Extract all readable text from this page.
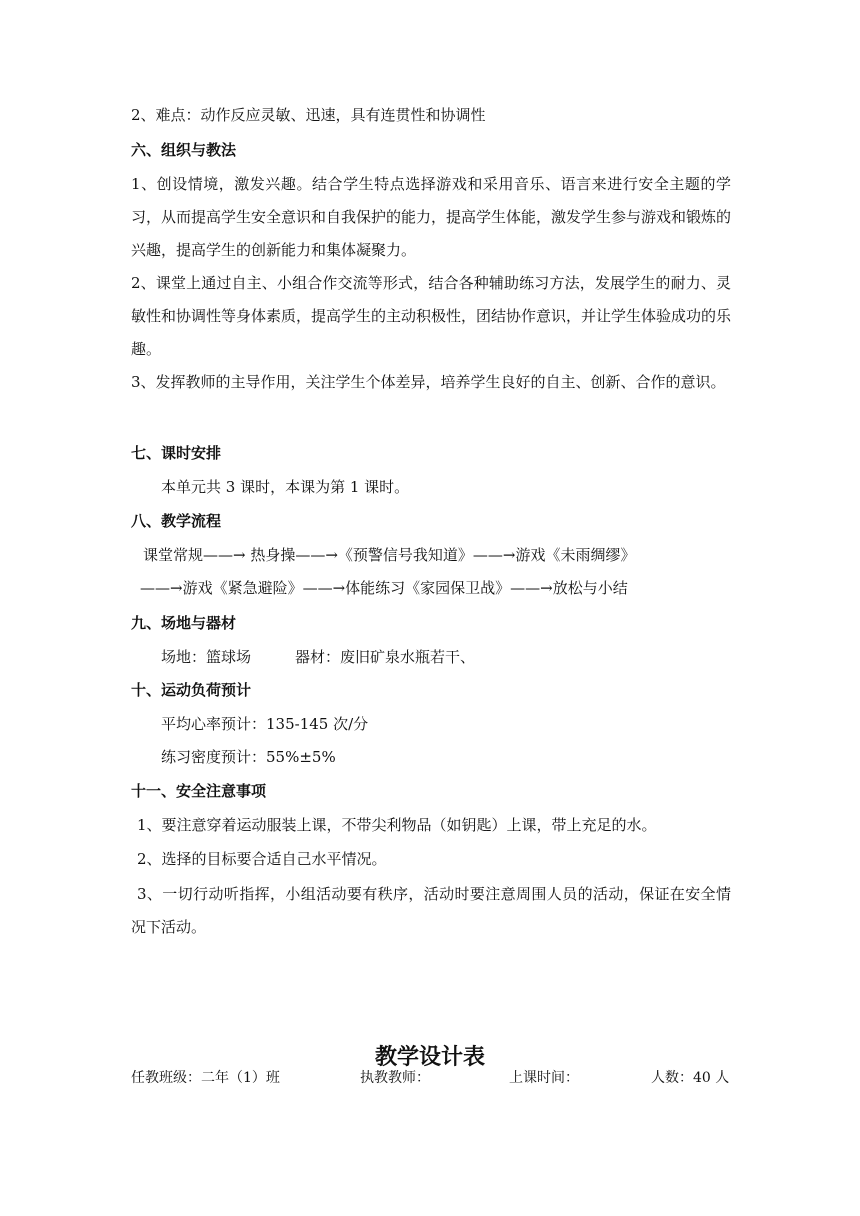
2、难点：动作反应灵敏、迅速，具有连贯性和协调性
六、组织与教法
1、创设情境，激发兴趣。结合学生特点选择游戏和采用音乐、语言来进行安全主题的学习，从而提高学生安全意识和自我保护的能力，提高学生体能，激发学生参与游戏和锻炼的兴趣，提高学生的创新能力和集体凝聚力。
2、课堂上通过自主、小组合作交流等形式，结合各种辅助练习方法，发展学生的耐力、灵敏性和协调性等身体素质，提高学生的主动积极性，团结协作意识，并让学生体验成功的乐趣。
3、发挥教师的主导作用，关注学生个体差异，培养学生良好的自主、创新、合作的意识。
七、课时安排
本单元共 3 课时，本课为第 1 课时。
八、教学流程
课堂常规——→ 热身操——→《预警信号我知道》——→游戏《未雨绸缪》
——→游戏《紧急避险》——→体能练习《家园保卫战》——→放松与小结
九、场地与器材
场地：篮球场	器材：废旧矿泉水瓶若干、
十、运动负荷预计
平均心率预计：135-145 次/分
练习密度预计：55%±5%
十一、安全注意事项
1、要注意穿着运动服装上课，不带尖利物品（如钥匙）上课，带上充足的水。
2、选择的目标要合适自己水平情况。
3、一切行动听指挥，小组活动要有秩序，活动时要注意周围人员的活动，保证在安全情况下活动。
教学设计表
任教班级：二年（1）班	执教教师：	上课时间：	人数：40 人
